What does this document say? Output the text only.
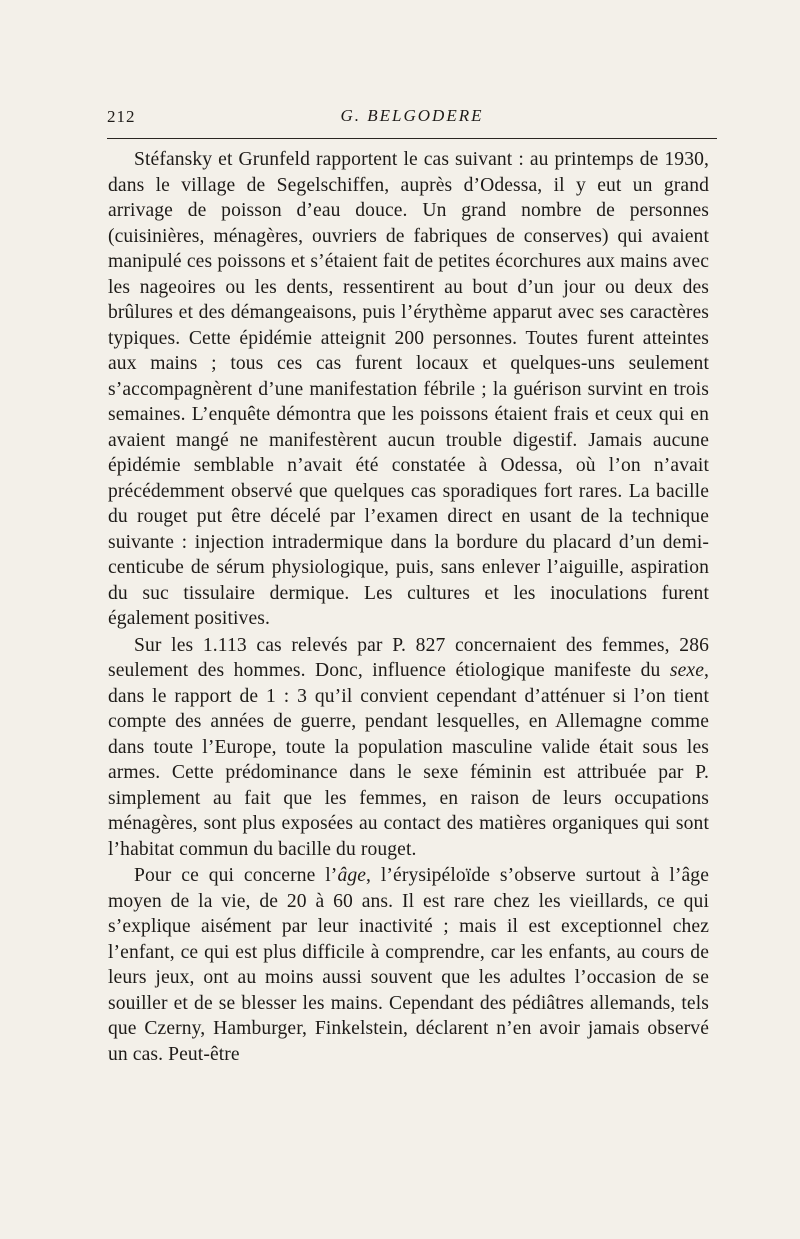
212	G. BELGODERE

Stéfansky et Grunfeld rapportent le cas suivant : au printemps de 1930, dans le village de Segelschiffen, auprès d’Odessa, il y eut un grand arrivage de poisson d’eau douce. Un grand nombre de personnes (cuisinières, ménagères, ouvriers de fabriques de conserves) qui avaient manipulé ces poissons et s’étaient fait de petites écorchures aux mains avec les nageoires ou les dents, ressentirent au bout d’un jour ou deux des brûlures et des démangeaisons, puis l’érythème apparut avec ses caractères typiques. Cette épidémie atteignit 200 personnes. Toutes furent atteintes aux mains ; tous ces cas furent locaux et quelques-uns seulement s’accompagnèrent d’une manifestation fébrile ; la guérison survint en trois semaines. L’enquête démontra que les poissons étaient frais et ceux qui en avaient mangé ne manifestèrent aucun trouble digestif. Jamais aucune épidémie semblable n’avait été constatée à Odessa, où l’on n’avait précédemment observé que quelques cas sporadiques fort rares. La bacille du rouget put être décelé par l’examen direct en usant de la technique suivante : injection intradermique dans la bordure du placard d’un demi-centicube de sérum physiologique, puis, sans enlever l’aiguille, aspiration du suc tissulaire dermique. Les cultures et les inoculations furent également positives.

Sur les 1.113 cas relevés par P. 827 concernaient des femmes, 286 seulement des hommes. Donc, influence étiologique manifeste du sexe, dans le rapport de 1 : 3 qu’il convient cependant d’atténuer si l’on tient compte des années de guerre, pendant lesquelles, en Allemagne comme dans toute l’Europe, toute la population masculine valide était sous les armes. Cette prédominance dans le sexe féminin est attribuée par P. simplement au fait que les femmes, en raison de leurs occupations ménagères, sont plus exposées au contact des matières organiques qui sont l’habitat commun du bacille du rouget.

Pour ce qui concerne l’âge, l’érysipéloïde s’observe surtout à l’âge moyen de la vie, de 20 à 60 ans. Il est rare chez les vieillards, ce qui s’explique aisément par leur inactivité ; mais il est exceptionnel chez l’enfant, ce qui est plus difficile à comprendre, car les enfants, au cours de leurs jeux, ont au moins aussi souvent que les adultes l’occasion de se souiller et de se blesser les mains. Cependant des pédiâtres allemands, tels que Czerny, Hamburger, Finkelstein, déclarent n’en avoir jamais observé un cas. Peut-être
